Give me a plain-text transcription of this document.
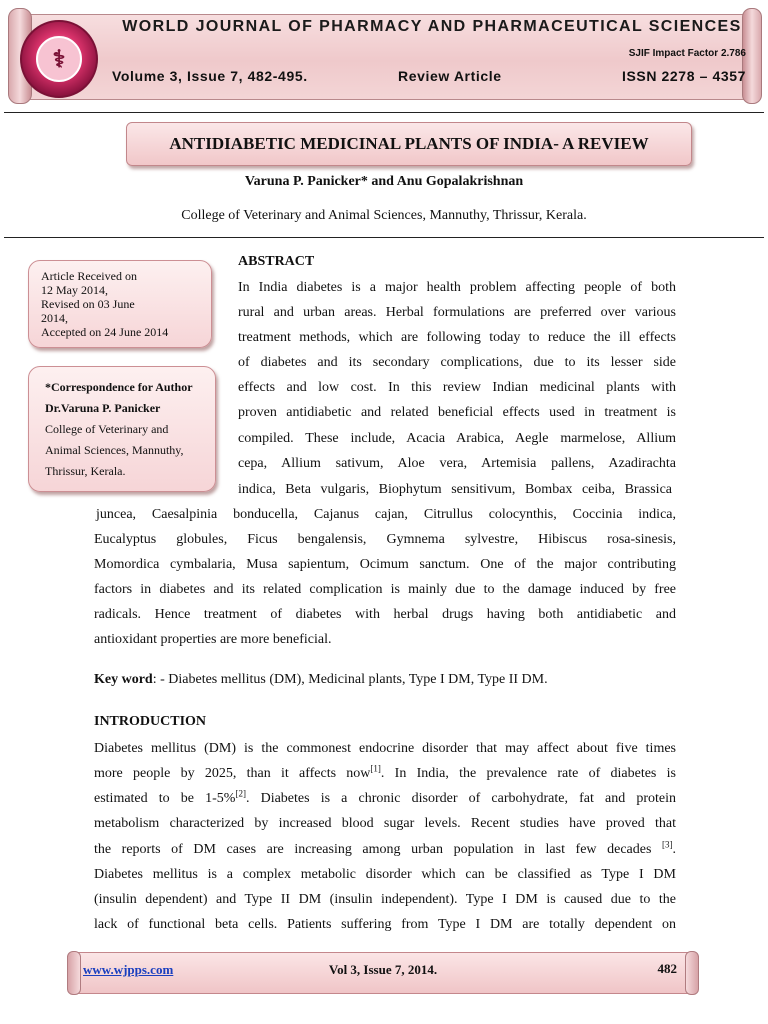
⚕
WORLD JOURNAL OF PHARMACY AND PHARMACEUTICAL SCIENCES
SJIF Impact Factor 2.786
Volume 3, Issue 7, 482-495.	Review Article	ISSN 2278 – 4357
ANTIDIABETIC MEDICINAL PLANTS OF INDIA- A REVIEW
Varuna P. Panicker* and Anu Gopalakrishnan
College of Veterinary and Animal Sciences, Mannuthy, Thrissur, Kerala.
Article Received on
12 May 2014,
Revised on 03 June
2014,
Accepted on 24 June 2014
*Correspondence for Author
Dr.Varuna P. Panicker
College of Veterinary and
Animal Sciences, Mannuthy,
Thrissur, Kerala.
ABSTRACT
In India diabetes is a major health problem affecting people of both
rural and urban areas. Herbal formulations are preferred over various
treatment methods, which are following today to reduce the ill effects
of diabetes and its secondary complications, due to its lesser side
effects and low cost. In this review Indian medicinal plants with
proven antidiabetic and related beneficial effects used in treatment is
compiled. These include, Acacia Arabica, Aegle marmelose, Allium
cepa, Allium sativum, Aloe vera, Artemisia pallens, Azadirachta
indica, Beta vulgaris, Biophytum sensitivum, Bombax ceiba, Brassica
juncea, Caesalpinia bonducella, Cajanus cajan, Citrullus colocynthis, Coccinia indica,
Eucalyptus globules, Ficus bengalensis, Gymnema sylvestre, Hibiscus rosa-sinesis,
Momordica cymbalaria, Musa sapientum, Ocimum sanctum. One of the major contributing
factors in diabetes and its related complication is mainly due to the damage induced by free
radicals. Hence treatment of diabetes with herbal drugs having both antidiabetic and
antioxidant properties are more beneficial.
Key word: - Diabetes mellitus (DM), Medicinal plants, Type I DM, Type II DM.
INTRODUCTION
Diabetes mellitus (DM) is the commonest endocrine disorder that may affect about five times
more people by 2025, than it affects now[1]. In India, the prevalence rate of diabetes is
estimated to be 1-5%[2]. Diabetes is a chronic disorder of carbohydrate, fat and protein
metabolism characterized by increased blood sugar levels. Recent studies have proved that
the reports of DM cases are increasing among urban population in last few decades [3].
Diabetes mellitus is a complex metabolic disorder which can be classified as Type I DM
(insulin dependent) and Type II DM (insulin independent). Type I DM is caused due to the
lack of functional beta cells. Patients suffering from Type I DM are totally dependent on
www.wjpps.com	Vol 3, Issue 7, 2014.	482
